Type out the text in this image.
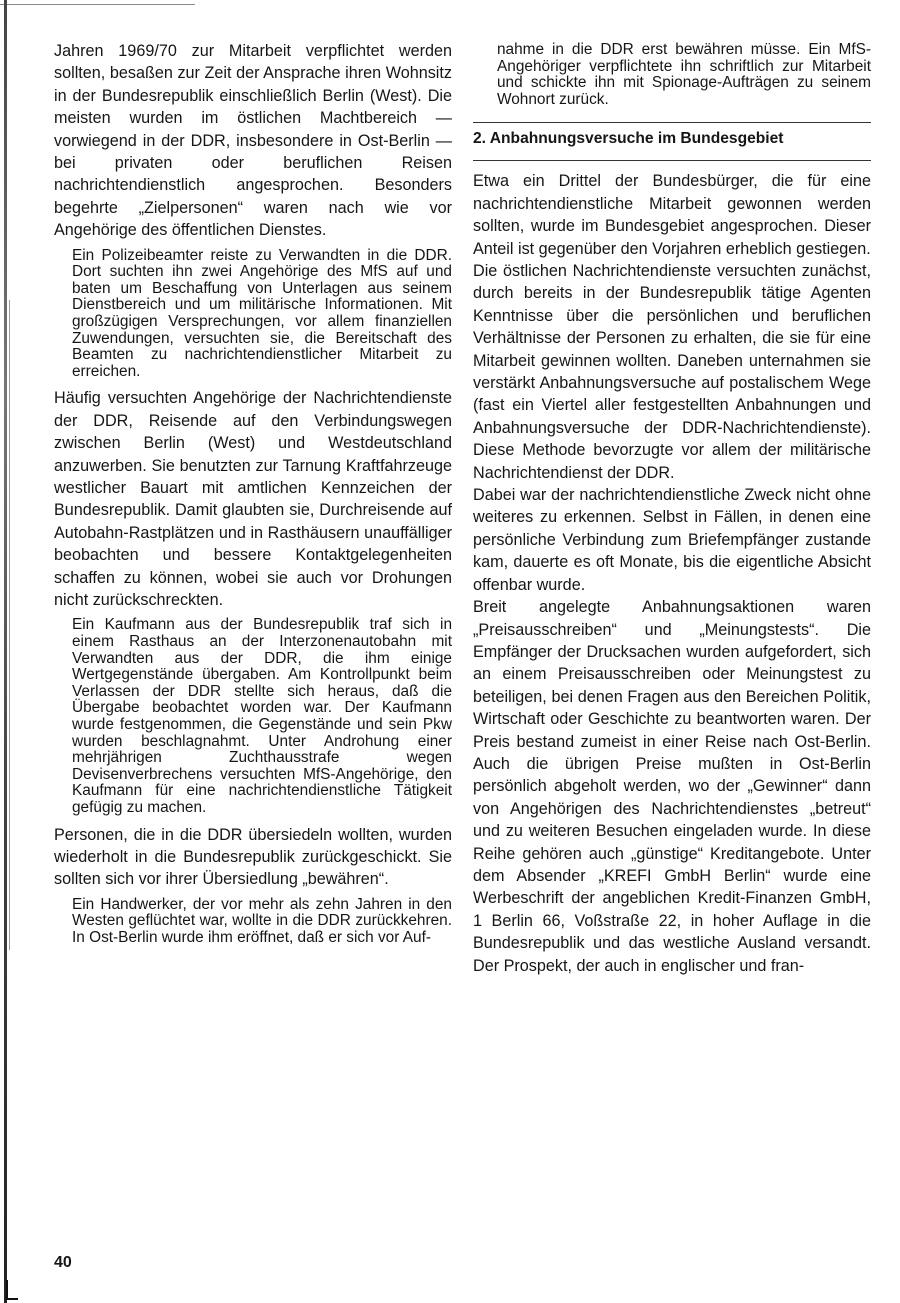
Jahren 1969/70 zur Mitarbeit verpflichtet werden sollten, besaßen zur Zeit der Ansprache ihren Wohnsitz in der Bundesrepublik einschließlich Berlin (West). Die meisten wurden im östlichen Machtbereich — vorwiegend in der DDR, insbesondere in Ost-Berlin — bei privaten oder beruflichen Reisen nachrichtendienstlich angesprochen. Besonders begehrte „Zielpersonen“ waren nach wie vor Angehörige des öffentlichen Dienstes.

Ein Polizeibeamter reiste zu Verwandten in die DDR. Dort suchten ihn zwei Angehörige des MfS auf und baten um Beschaffung von Unterlagen aus seinem Dienstbereich und um militärische Informationen. Mit großzügigen Versprechungen, vor allem finanziellen Zuwendungen, versuchten sie, die Bereitschaft des Beamten zu nachrichtendienstlicher Mitarbeit zu erreichen.

Häufig versuchten Angehörige der Nachrichtendienste der DDR, Reisende auf den Verbindungswegen zwischen Berlin (West) und Westdeutschland anzuwerben. Sie benutzten zur Tarnung Kraftfahrzeuge westlicher Bauart mit amtlichen Kennzeichen der Bundesrepublik. Damit glaubten sie, Durchreisende auf Autobahn-Rastplätzen und in Rasthäusern unauffälliger beobachten und bessere Kontaktgelegenheiten schaffen zu können, wobei sie auch vor Drohungen nicht zurückschreckten.

Ein Kaufmann aus der Bundesrepublik traf sich in einem Rasthaus an der Interzonenautobahn mit Verwandten aus der DDR, die ihm einige Wertgegenstände übergaben. Am Kontrollpunkt beim Verlassen der DDR stellte sich heraus, daß die Übergabe beobachtet worden war. Der Kaufmann wurde festgenommen, die Gegenstände und sein Pkw wurden beschlagnahmt. Unter Androhung einer mehrjährigen Zuchthausstrafe wegen Devisenverbrechens versuchten MfS-Angehörige, den Kaufmann für eine nachrichtendienstliche Tätigkeit gefügig zu machen.

Personen, die in die DDR übersiedeln wollten, wurden wiederholt in die Bundesrepublik zurückgeschickt. Sie sollten sich vor ihrer Übersiedlung „bewähren“.

Ein Handwerker, der vor mehr als zehn Jahren in den Westen geflüchtet war, wollte in die DDR zurückkehren. In Ost-Berlin wurde ihm eröffnet, daß er sich vor Auf-

nahme in die DDR erst bewähren müsse. Ein MfS-Angehöriger verpflichtete ihn schriftlich zur Mitarbeit und schickte ihn mit Spionage-Aufträgen zu seinem Wohnort zurück.

2. Anbahnungsversuche im Bundesgebiet

Etwa ein Drittel der Bundesbürger, die für eine nachrichtendienstliche Mitarbeit gewonnen werden sollten, wurde im Bundesgebiet angesprochen. Dieser Anteil ist gegenüber den Vorjahren erheblich gestiegen.

Die östlichen Nachrichtendienste versuchten zunächst, durch bereits in der Bundesrepublik tätige Agenten Kenntnisse über die persönlichen und beruflichen Verhältnisse der Personen zu erhalten, die sie für eine Mitarbeit gewinnen wollten. Daneben unternahmen sie verstärkt Anbahnungsversuche auf postalischem Wege (fast ein Viertel aller festgestellten Anbahnungen und Anbahnungsversuche der DDR-Nachrichtendienste). Diese Methode bevorzugte vor allem der militärische Nachrichtendienst der DDR.

Dabei war der nachrichtendienstliche Zweck nicht ohne weiteres zu erkennen. Selbst in Fällen, in denen eine persönliche Verbindung zum Briefempfänger zustande kam, dauerte es oft Monate, bis die eigentliche Absicht offenbar wurde.

Breit angelegte Anbahnungsaktionen waren „Preisausschreiben“ und „Meinungstests“. Die Empfänger der Drucksachen wurden aufgefordert, sich an einem Preisausschreiben oder Meinungstest zu beteiligen, bei denen Fragen aus den Bereichen Politik, Wirtschaft oder Geschichte zu beantworten waren. Der Preis bestand zumeist in einer Reise nach Ost-Berlin. Auch die übrigen Preise mußten in Ost-Berlin persönlich abgeholt werden, wo der „Gewinner“ dann von Angehörigen des Nachrichtendienstes „betreut“ und zu weiteren Besuchen eingeladen wurde. In diese Reihe gehören auch „günstige“ Kreditangebote. Unter dem Absender „KREFI GmbH Berlin“ wurde eine Werbeschrift der angeblichen Kredit-Finanzen GmbH, 1 Berlin 66, Voßstraße 22, in hoher Auflage in die Bundesrepublik und das westliche Ausland versandt. Der Prospekt, der auch in englischer und fran-

40
